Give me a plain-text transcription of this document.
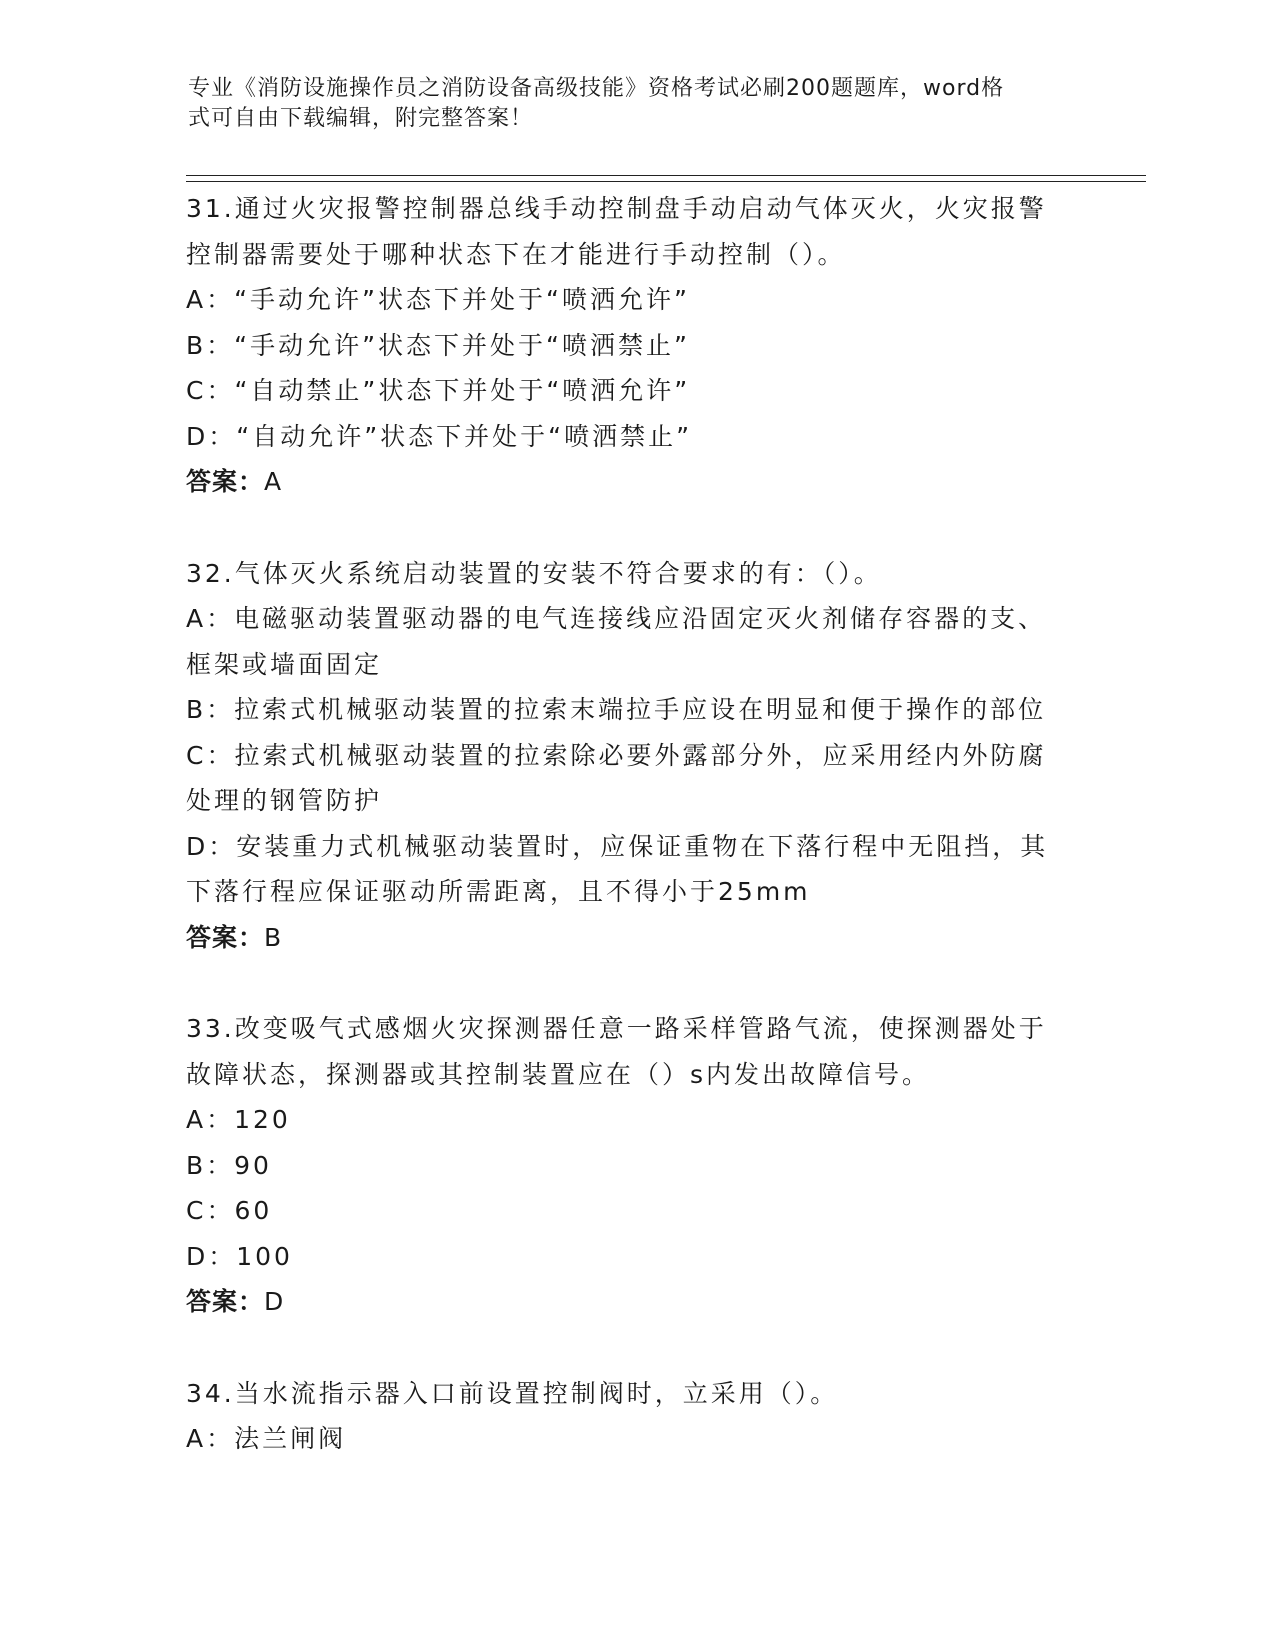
专业《消防设施操作员之消防设备高级技能》资格考试必刷200题题库，word格
式可自由下载编辑，附完整答案！
31.通过火灾报警控制器总线手动控制盘手动启动气体灭火，火灾报警
控制器需要处于哪种状态下在才能进行手动控制（）。
A：“手动允许”状态下并处于“喷洒允许”
B：“手动允许”状态下并处于“喷洒禁止”
C：“自动禁止”状态下并处于“喷洒允许”
D：“自动允许”状态下并处于“喷洒禁止”
答案：A
32.气体灭火系统启动装置的安装不符合要求的有：（）。
A：电磁驱动装置驱动器的电气连接线应沿固定灭火剂储存容器的支、
框架或墙面固定
B：拉索式机械驱动装置的拉索末端拉手应设在明显和便于操作的部位
C：拉索式机械驱动装置的拉索除必要外露部分外，应采用经内外防腐
处理的钢管防护
D：安装重力式机械驱动装置时，应保证重物在下落行程中无阻挡，其
下落行程应保证驱动所需距离，且不得小于25mm
答案：B
33.改变吸气式感烟火灾探测器任意一路采样管路气流，使探测器处于
故障状态，探测器或其控制装置应在（）s内发出故障信号。
A：120
B：90
C：60
D：100
答案：D
34.当水流指示器入口前设置控制阀时，立采用（）。
A：法兰闸阀
